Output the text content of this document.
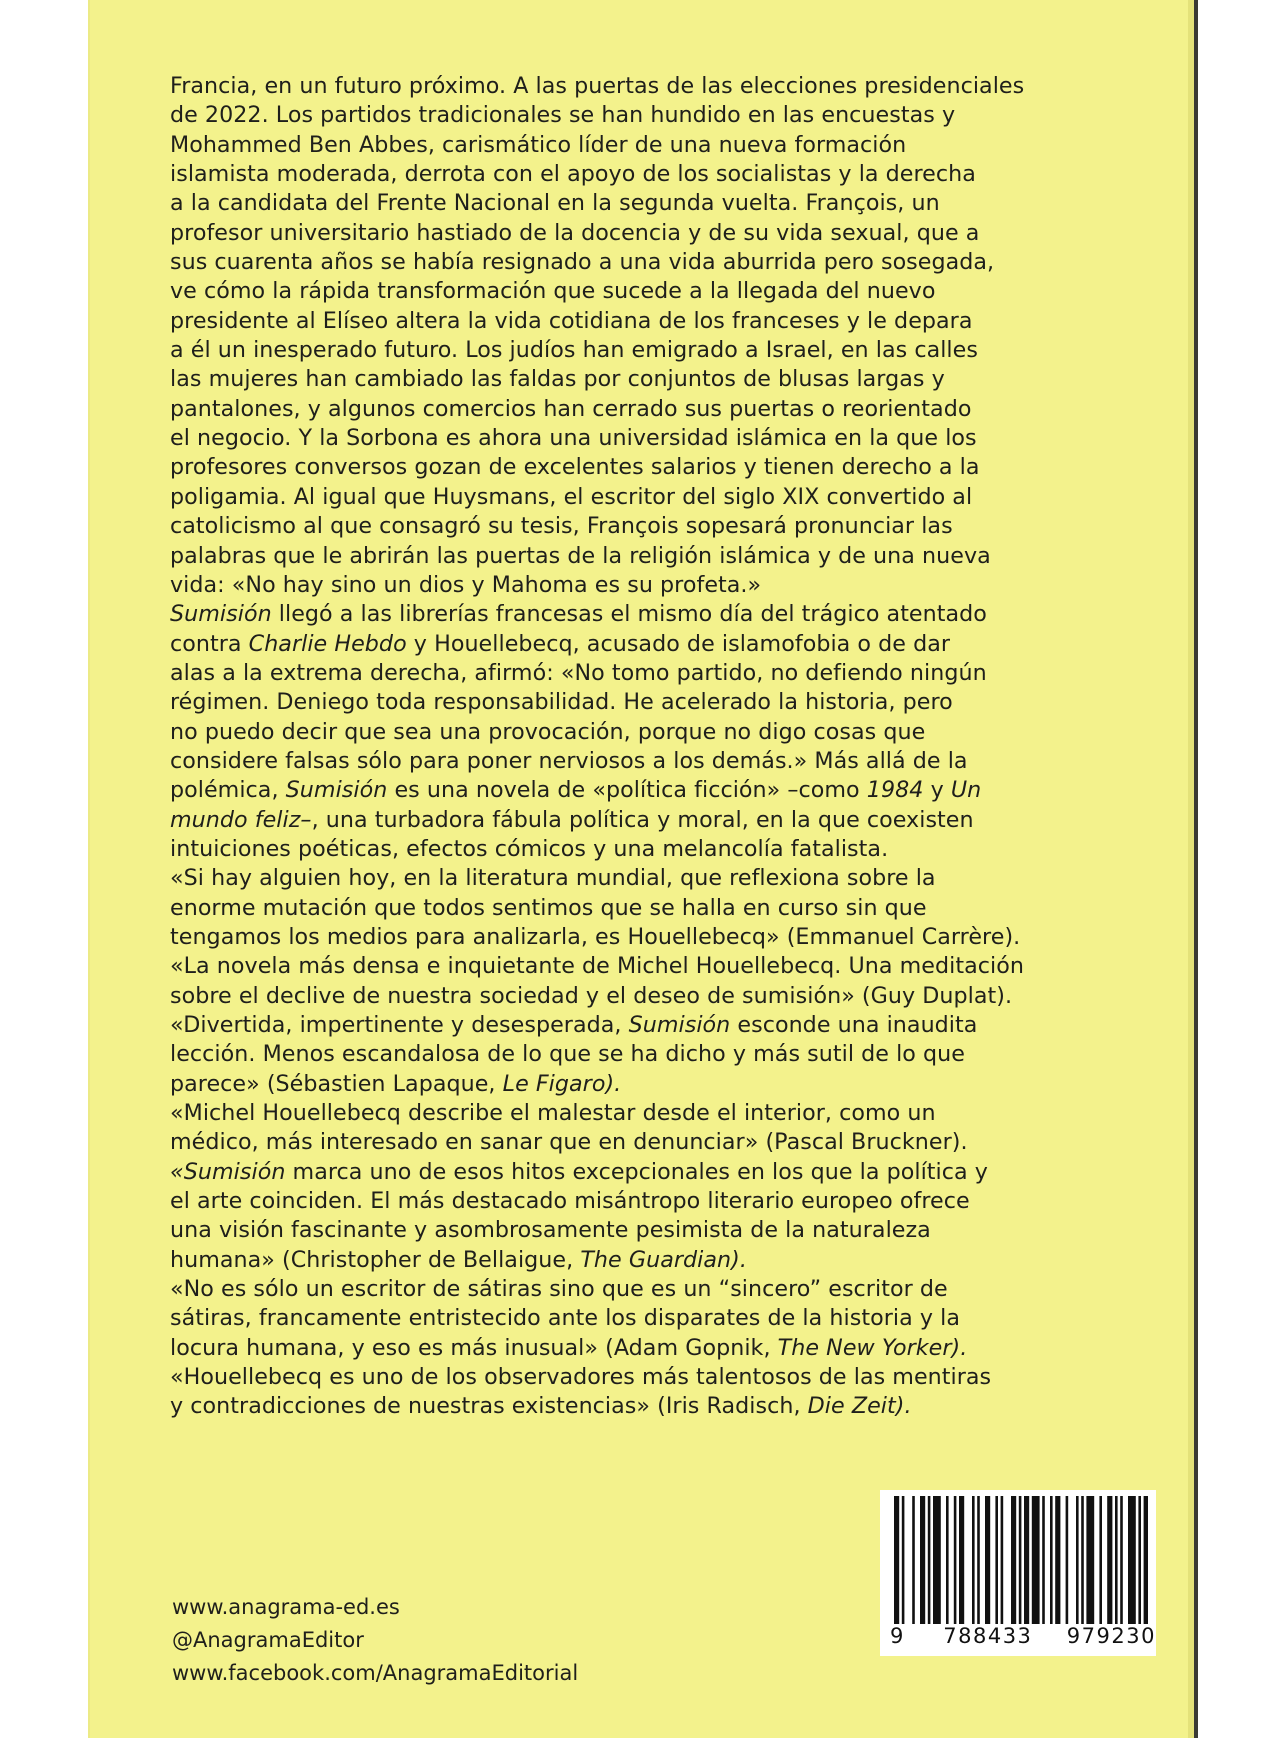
Francia, en un futuro próximo. A las puertas de las elecciones presidenciales
de 2022. Los partidos tradicionales se han hundido en las encuestas y
Mohammed Ben Abbes, carismático líder de una nueva formación
islamista moderada, derrota con el apoyo de los socialistas y la derecha
a la candidata del Frente Nacional en la segunda vuelta. François, un
profesor universitario hastiado de la docencia y de su vida sexual, que a
sus cuarenta años se había resignado a una vida aburrida pero sosegada,
ve cómo la rápida transformación que sucede a la llegada del nuevo
presidente al Elíseo altera la vida cotidiana de los franceses y le depara
a él un inesperado futuro. Los judíos han emigrado a Israel, en las calles
las mujeres han cambiado las faldas por conjuntos de blusas largas y
pantalones, y algunos comercios han cerrado sus puertas o reorientado
el negocio. Y la Sorbona es ahora una universidad islámica en la que los
profesores conversos gozan de excelentes salarios y tienen derecho a la
poligamia. Al igual que Huysmans, el escritor del siglo XIX convertido al
catolicismo al que consagró su tesis, François sopesará pronunciar las
palabras que le abrirán las puertas de la religión islámica y de una nueva
vida: «No hay sino un dios y Mahoma es su profeta.»
Sumisión llegó a las librerías francesas el mismo día del trágico atentado
contra Charlie Hebdo y Houellebecq, acusado de islamofobia o de dar
alas a la extrema derecha, afirmó: «No tomo partido, no defiendo ningún
régimen. Deniego toda responsabilidad. He acelerado la historia, pero
no puedo decir que sea una provocación, porque no digo cosas que
considere falsas sólo para poner nerviosos a los demás.» Más allá de la
polémica, Sumisión es una novela de «política ficción» –como 1984 y Un
mundo feliz–, una turbadora fábula política y moral, en la que coexisten
intuiciones poéticas, efectos cómicos y una melancolía fatalista.
«Si hay alguien hoy, en la literatura mundial, que reflexiona sobre la
enorme mutación que todos sentimos que se halla en curso sin que
tengamos los medios para analizarla, es Houellebecq» (Emmanuel Carrère).
«La novela más densa e inquietante de Michel Houellebecq. Una meditación
sobre el declive de nuestra sociedad y el deseo de sumisión» (Guy Duplat).
«Divertida, impertinente y desesperada, Sumisión esconde una inaudita
lección. Menos escandalosa de lo que se ha dicho y más sutil de lo que
parece» (Sébastien Lapaque, Le Figaro).
«Michel Houellebecq describe el malestar desde el interior, como un
médico, más interesado en sanar que en denunciar» (Pascal Bruckner).
«Sumisión marca uno de esos hitos excepcionales en los que la política y
el arte coinciden. El más destacado misántropo literario europeo ofrece
una visión fascinante y asombrosamente pesimista de la naturaleza
humana» (Christopher de Bellaigue, The Guardian).
«No es sólo un escritor de sátiras sino que es un “sincero” escritor de
sátiras, francamente entristecido ante los disparates de la historia y la
locura humana, y eso es más inusual» (Adam Gopnik, The New Yorker).
«Houellebecq es uno de los observadores más talentosos de las mentiras
y contradicciones de nuestras existencias» (Iris Radisch, Die Zeit).
www.anagrama-ed.es
@AnagramaEditor
www.facebook.com/AnagramaEditorial
9 788433 979230
